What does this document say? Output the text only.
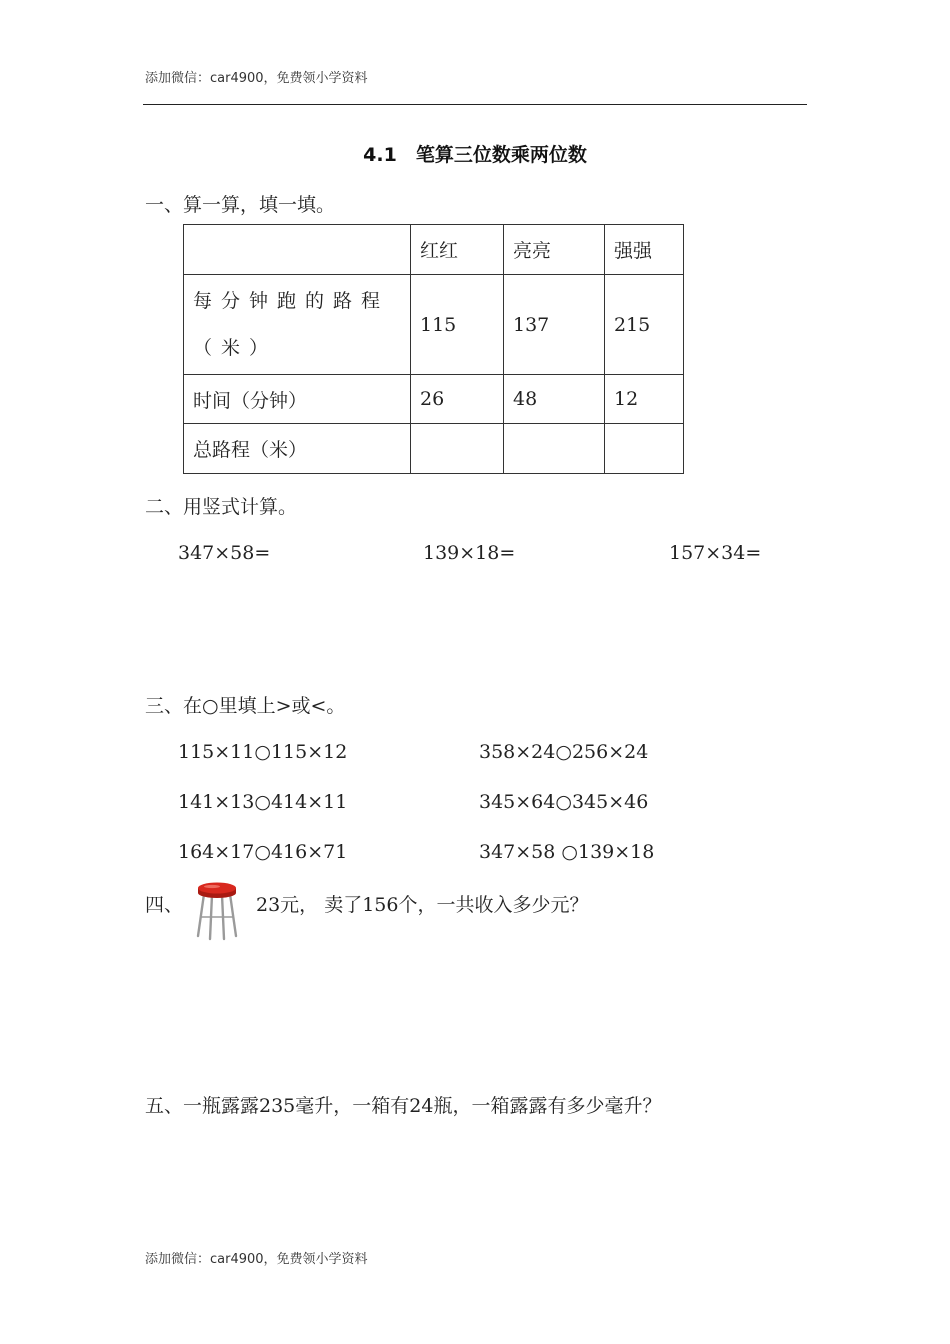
添加微信：car4900，免费领小学资料
4.1　笔算三位数乘两位数
一、算一算，填一填。
	红红	亮亮	强强
每分钟跑的路程（米）	115	137	215
时间（分钟）	26	48	12
总路程（米）			
二、用竖式计算。
347×58=	139×18=	157×34=
三、在○里填上>或<。
115×11○115×12	358×24○256×24
141×13○414×11	345×64○345×46
164×17○416×71	347×58 ○139×18
四、	23元， 卖了156个，一共收入多少元？
五、一瓶露露235毫升，一箱有24瓶，一箱露露有多少毫升？
添加微信：car4900，免费领小学资料
